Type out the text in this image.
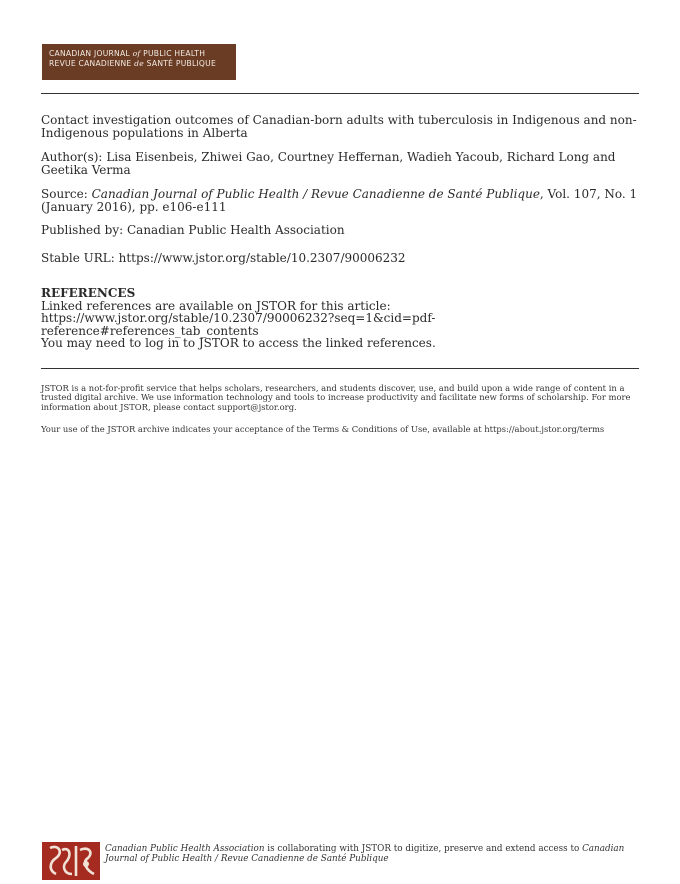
CANADIAN JOURNAL of PUBLIC HEALTH
REVUE CANADIENNE de SANTÉ PUBLIQUE
Contact investigation outcomes of Canadian-born adults with tuberculosis in Indigenous and non-Indigenous populations in Alberta
Author(s): Lisa Eisenbeis, Zhiwei Gao, Courtney Heffernan, Wadieh Yacoub, Richard Long and Geetika Verma
Source: Canadian Journal of Public Health / Revue Canadienne de Santé Publique, Vol. 107, No. 1 (January 2016), pp. e106-e111
Published by: Canadian Public Health Association
Stable URL: https://www.jstor.org/stable/10.2307/90006232
REFERENCES
Linked references are available on JSTOR for this article:
https://www.jstor.org/stable/10.2307/90006232?seq=1&cid=pdf-
reference#references_tab_contents
You may need to log in to JSTOR to access the linked references.
JSTOR is a not-for-profit service that helps scholars, researchers, and students discover, use, and build upon a wide range of content in a trusted digital archive. We use information technology and tools to increase productivity and facilitate new forms of scholarship. For more information about JSTOR, please contact support@jstor.org.
Your use of the JSTOR archive indicates your acceptance of the Terms & Conditions of Use, available at https://about.jstor.org/terms
Canadian Public Health Association is collaborating with JSTOR to digitize, preserve and extend access to Canadian Journal of Public Health / Revue Canadienne de Santé Publique
